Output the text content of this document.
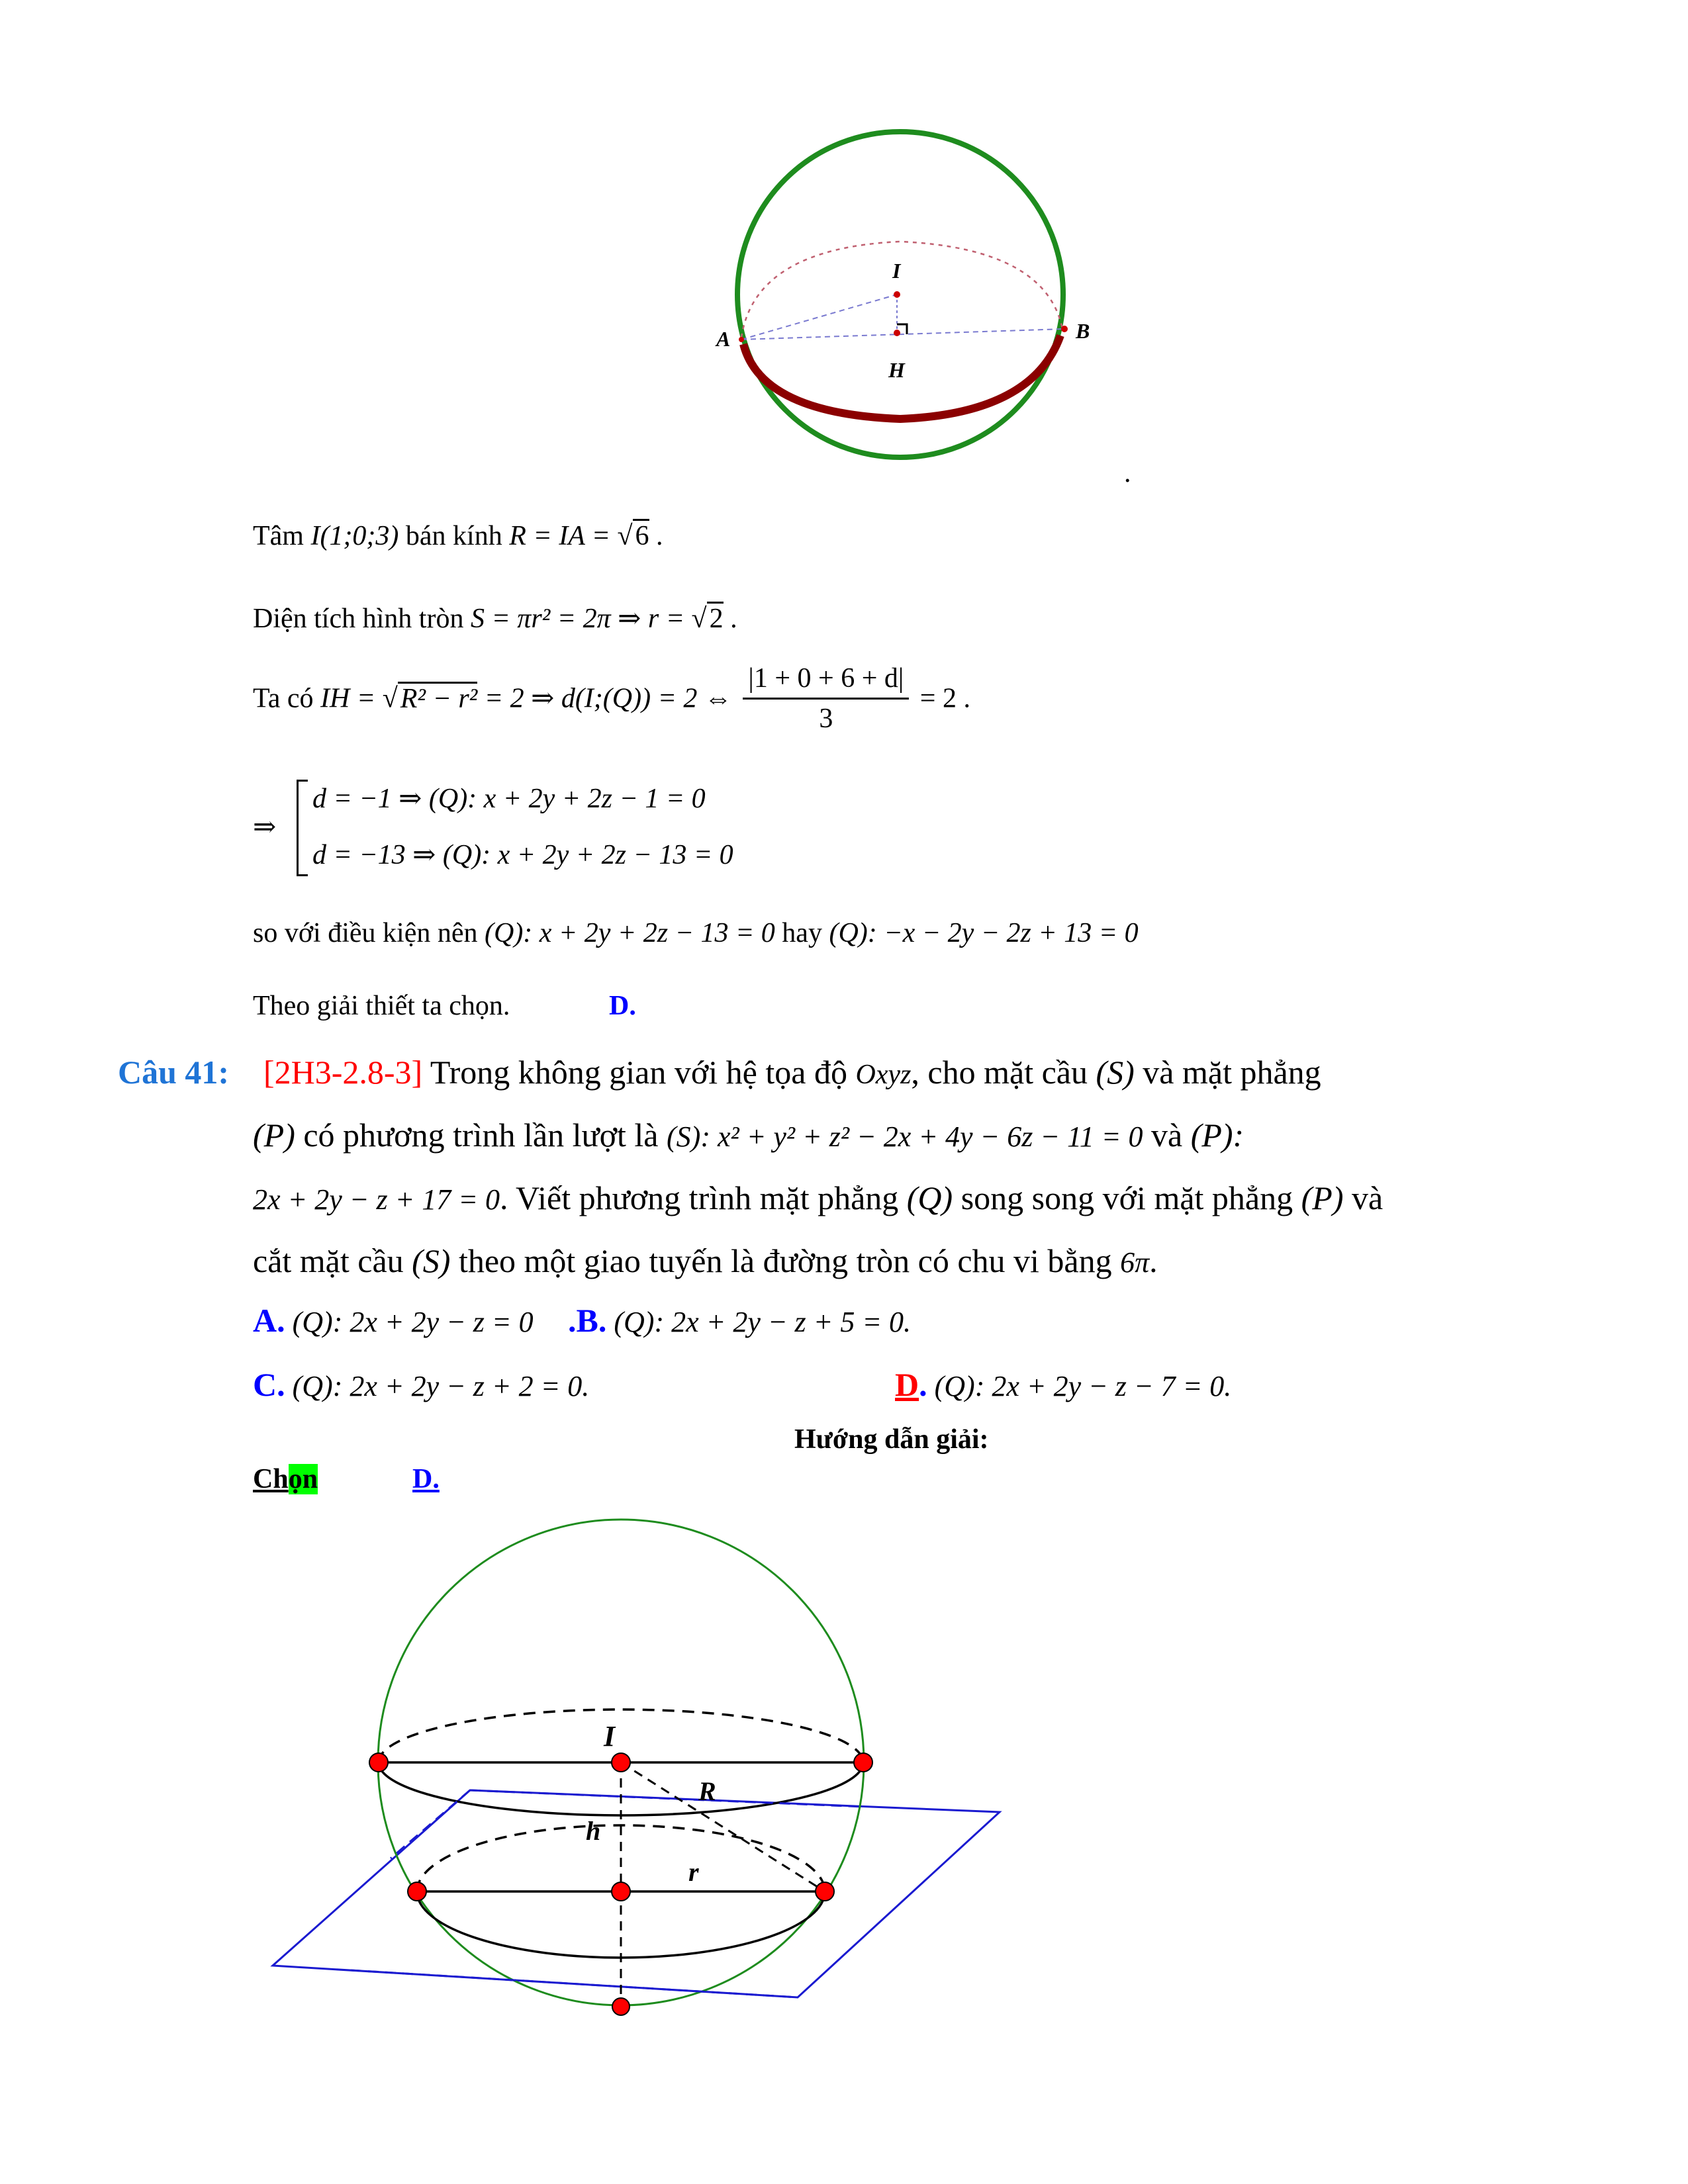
I
A	B
H
.
Tâm I(1;0;3) bán kính R = IA = √6 .
Diện tích hình tròn S = πr² = 2π ⇒ r = √2 .
Ta có IH = √R² − r² = 2 ⇒ d(I;(Q)) = 2 ⇔ $\frac{|1 + 0 + 6 + d|}{3} = 2$ .
⇒
d = −1 ⇒ (Q): x + 2y + 2z − 1 = 0
d = −13 ⇒ (Q): x + 2y + 2z − 13 = 0
so với điều kiện nên (Q): x + 2y + 2z − 13 = 0 hay (Q): −x − 2y − 2z + 13 = 0
Theo giải thiết ta chọn.	D.
Câu 41: [2H3-2.8-3] Trong không gian với hệ tọa độ Oxyz, cho mặt cầu (S) và mặt phẳng
(P) có phương trình lần lượt là (S): x² + y² + z² − 2x + 4y − 6z − 11 = 0 và (P):
2x + 2y − z + 17 = 0. Viết phương trình mặt phẳng (Q) song song với mặt phẳng (P) và
cắt mặt cầu (S) theo một giao tuyến là đường tròn có chu vi bằng 6π.
A. (Q): 2x + 2y − z = 0 .B. (Q): 2x + 2y − z + 5 = 0.
C. (Q): 2x + 2y − z + 2 = 0.	D. (Q): 2x + 2y − z − 7 = 0.
Hướng dẫn giải:
Chọn	D.
I
R
h
r
